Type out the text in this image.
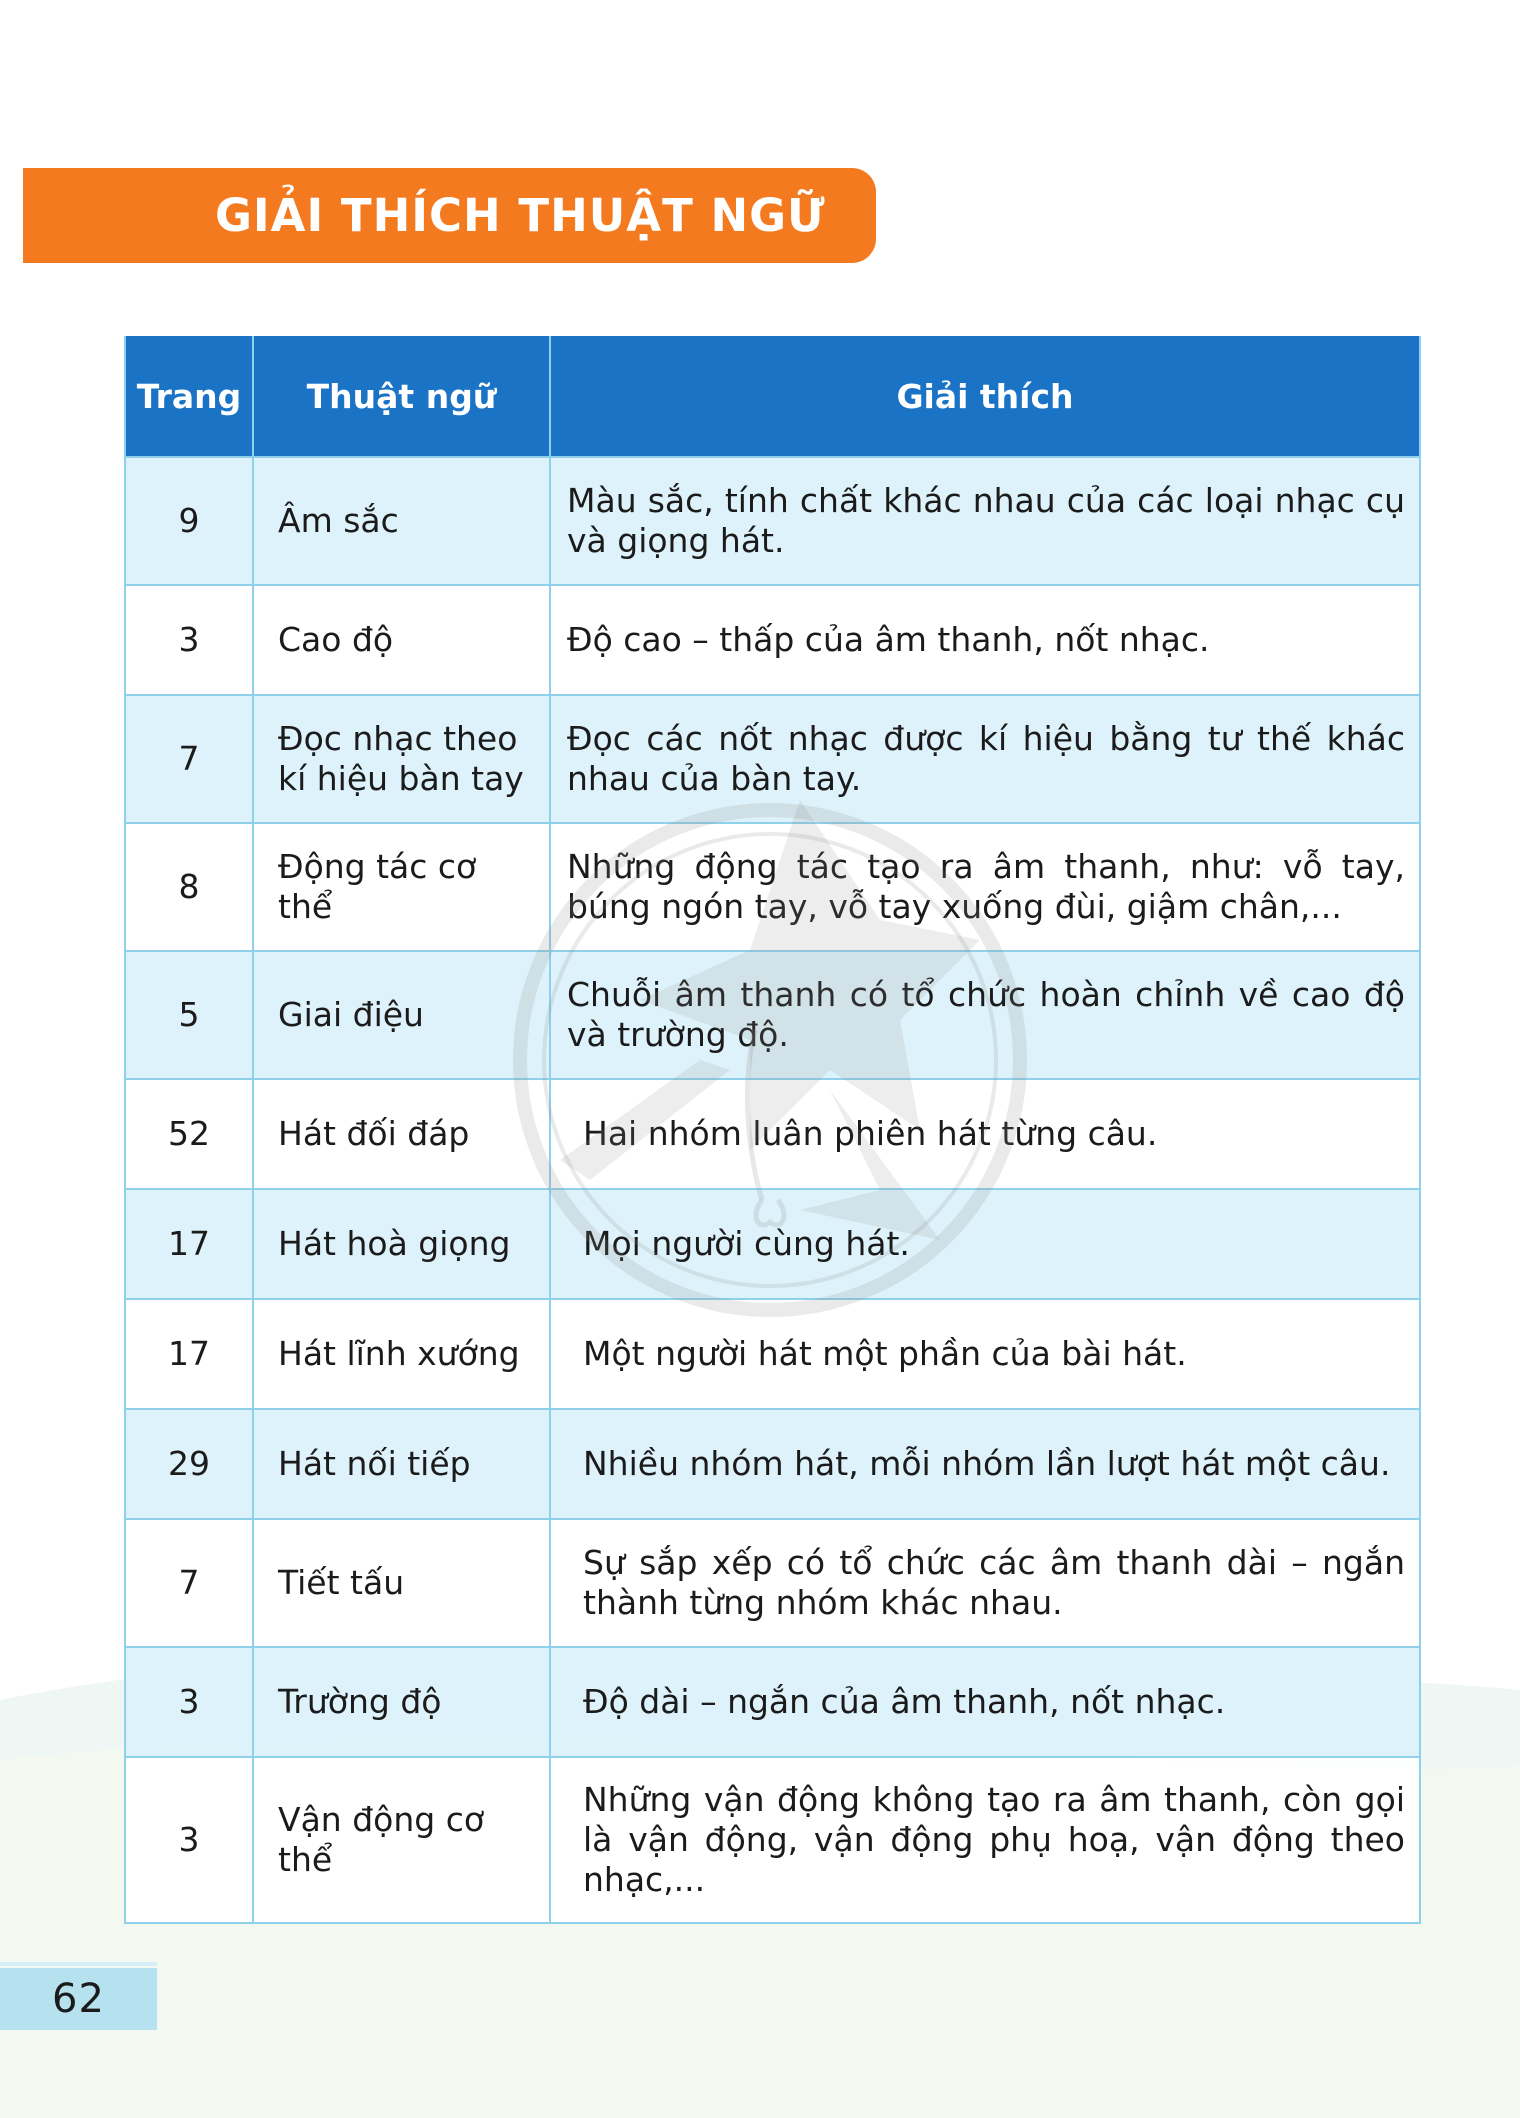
GIẢI THÍCH THUẬT NGỮ
Trang	Thuật ngữ	Giải thích
9	Âm sắc	Màu sắc, tính chất khác nhau của các loại nhạc cụ và giọng hát.
3	Cao độ	Độ cao – thấp của âm thanh, nốt nhạc.
7	Đọc nhạc theo kí hiệu bàn tay	Đọc các nốt nhạc được kí hiệu bằng tư thế khác nhau của bàn tay.
8	Động tác cơ thể	Những động tác tạo ra âm thanh, như: vỗ tay, búng ngón tay, vỗ tay xuống đùi, giậm chân,...
5	Giai điệu	Chuỗi âm thanh có tổ chức hoàn chỉnh về cao độ và trường độ.
52	Hát đối đáp	Hai nhóm luân phiên hát từng câu.
17	Hát hoà giọng	Mọi người cùng hát.
17	Hát lĩnh xướng	Một người hát một phần của bài hát.
29	Hát nối tiếp	Nhiều nhóm hát, mỗi nhóm lần lượt hát một câu.
7	Tiết tấu	Sự sắp xếp có tổ chức các âm thanh dài – ngắn thành từng nhóm khác nhau.
3	Trường độ	Độ dài – ngắn của âm thanh, nốt nhạc.
3	Vận động cơ thể	Những vận động không tạo ra âm thanh, còn gọi là vận động, vận động phụ hoạ, vận động theo nhạc,...
62
